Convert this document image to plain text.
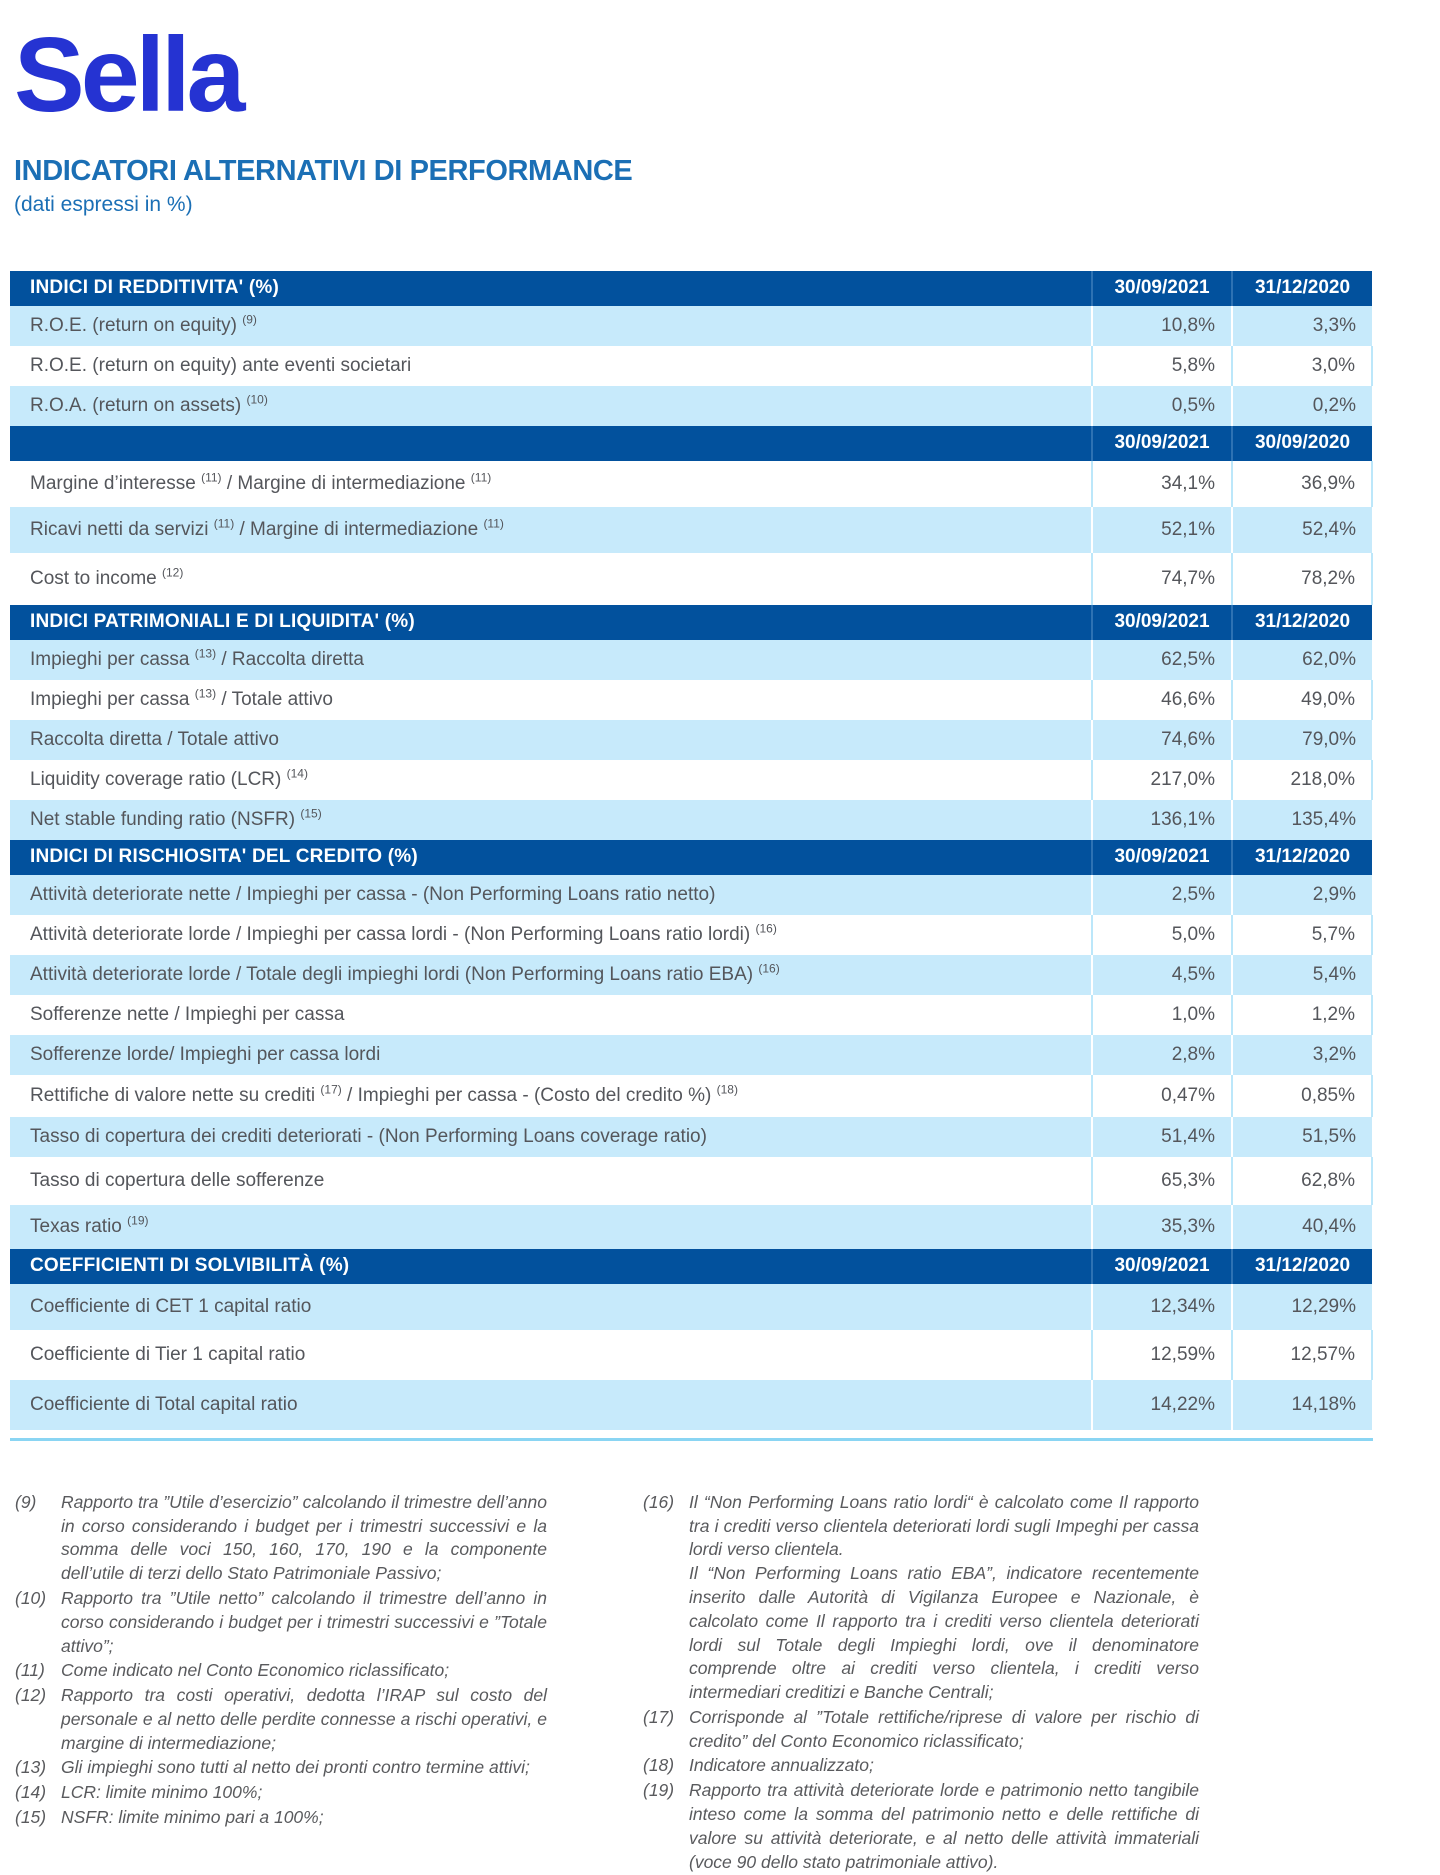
Sella
INDICATORI ALTERNATIVI DI PERFORMANCE
(dati espressi in %)
INDICI DI REDDITIVITA' (%)	30/09/2021	31/12/2020
R.O.E. (return on equity) $^{(9)}$	10,8%	3,3%
R.O.E. (return on equity) ante eventi societari	5,8%	3,0%
R.O.A. (return on assets) $^{(10)}$	0,5%	0,2%
	30/09/2021	30/09/2020
Margine d’interesse $^{(11)}$ / Margine di intermediazione $^{(11)}$	34,1%	36,9%
Ricavi netti da servizi $^{(11)}$ / Margine di intermediazione $^{(11)}$	52,1%	52,4%
Cost to income $^{(12)}$	74,7%	78,2%
INDICI PATRIMONIALI E DI LIQUIDITA' (%)	30/09/2021	31/12/2020
Impieghi per cassa $^{(13)}$ / Raccolta diretta	62,5%	62,0%
Impieghi per cassa $^{(13)}$ / Totale attivo	46,6%	49,0%
Raccolta diretta / Totale attivo	74,6%	79,0%
Liquidity coverage ratio (LCR) $^{(14)}$	217,0%	218,0%
Net stable funding ratio (NSFR) $^{(15)}$	136,1%	135,4%
INDICI DI RISCHIOSITA' DEL CREDITO (%)	30/09/2021	31/12/2020
Attività deteriorate nette / Impieghi per cassa - (Non Performing Loans ratio netto)	2,5%	2,9%
Attività deteriorate lorde / Impieghi per cassa lordi - (Non Performing Loans ratio lordi) $^{(16)}$	5,0%	5,7%
Attività deteriorate lorde / Totale degli impieghi lordi (Non Performing Loans ratio EBA) $^{(16)}$	4,5%	5,4%
Sofferenze nette / Impieghi per cassa	1,0%	1,2%
Sofferenze lorde/ Impieghi per cassa lordi	2,8%	3,2%
Rettifiche di valore nette su crediti $^{(17)}$ / Impieghi per cassa - (Costo del credito %) $^{(18)}$	0,47%	0,85%
Tasso di copertura dei crediti deteriorati - (Non Performing Loans coverage ratio)	51,4%	51,5%
Tasso di copertura delle sofferenze	65,3%	62,8%
Texas ratio $^{(19)}$	35,3%	40,4%
COEFFICIENTI DI SOLVIBILITÀ (%)	30/09/2021	31/12/2020
Coefficiente di CET 1 capital ratio	12,34%	12,29%
Coefficiente di Tier 1 capital ratio	12,59%	12,57%
Coefficiente di Total capital ratio	14,22%	14,18%
(9)	Rapporto tra ”Utile d’esercizio” calcolando il trimestre dell’anno in corso considerando i budget per i trimestri successivi e la somma delle voci 150, 160, 170, 190 e la componente dell’utile di terzi dello Stato Patrimoniale Passivo;

(10) Rapporto tra ”Utile netto” calcolando il trimestre dell’anno in corso considerando i budget per i trimestri successivi e ”Totale attivo”;

(11) Come indicato nel Conto Economico riclassificato;

(12) Rapporto tra costi operativi, dedotta l’IRAP sul costo del personale e al netto delle perdite connesse a rischi operativi, e margine di intermediazione;

(13) Gli impieghi sono tutti al netto dei pronti contro termine attivi;

(14) LCR: limite minimo 100%;

(15) NSFR: limite minimo pari a 100%;

(16) Il “Non Performing Loans ratio lordi“ è calcolato come Il rapporto tra i crediti verso clientela deteriorati lordi sugli Impeghi per cassa lordi verso clientela.

Il “Non Performing Loans ratio EBA”, indicatore recentemente inserito dalle Autorità di Vigilanza Europee e Nazionale, è calcolato come Il rapporto tra i crediti verso clientela deteriorati lordi sul Totale degli Impieghi lordi, ove il denominatore comprende oltre ai crediti verso clientela, i crediti verso intermediari creditizi e Banche Centrali;

(17) Corrisponde al ”Totale rettifiche/riprese di valore per rischio di credito” del Conto Economico riclassificato;

(18) Indicatore annualizzato;

(19) Rapporto tra attività deteriorate lorde e patrimonio netto tangibile inteso come la somma del patrimonio netto e delle rettifiche di valore su attività deteriorate, e al netto delle attività immateriali (voce 90 dello stato patrimoniale attivo).
